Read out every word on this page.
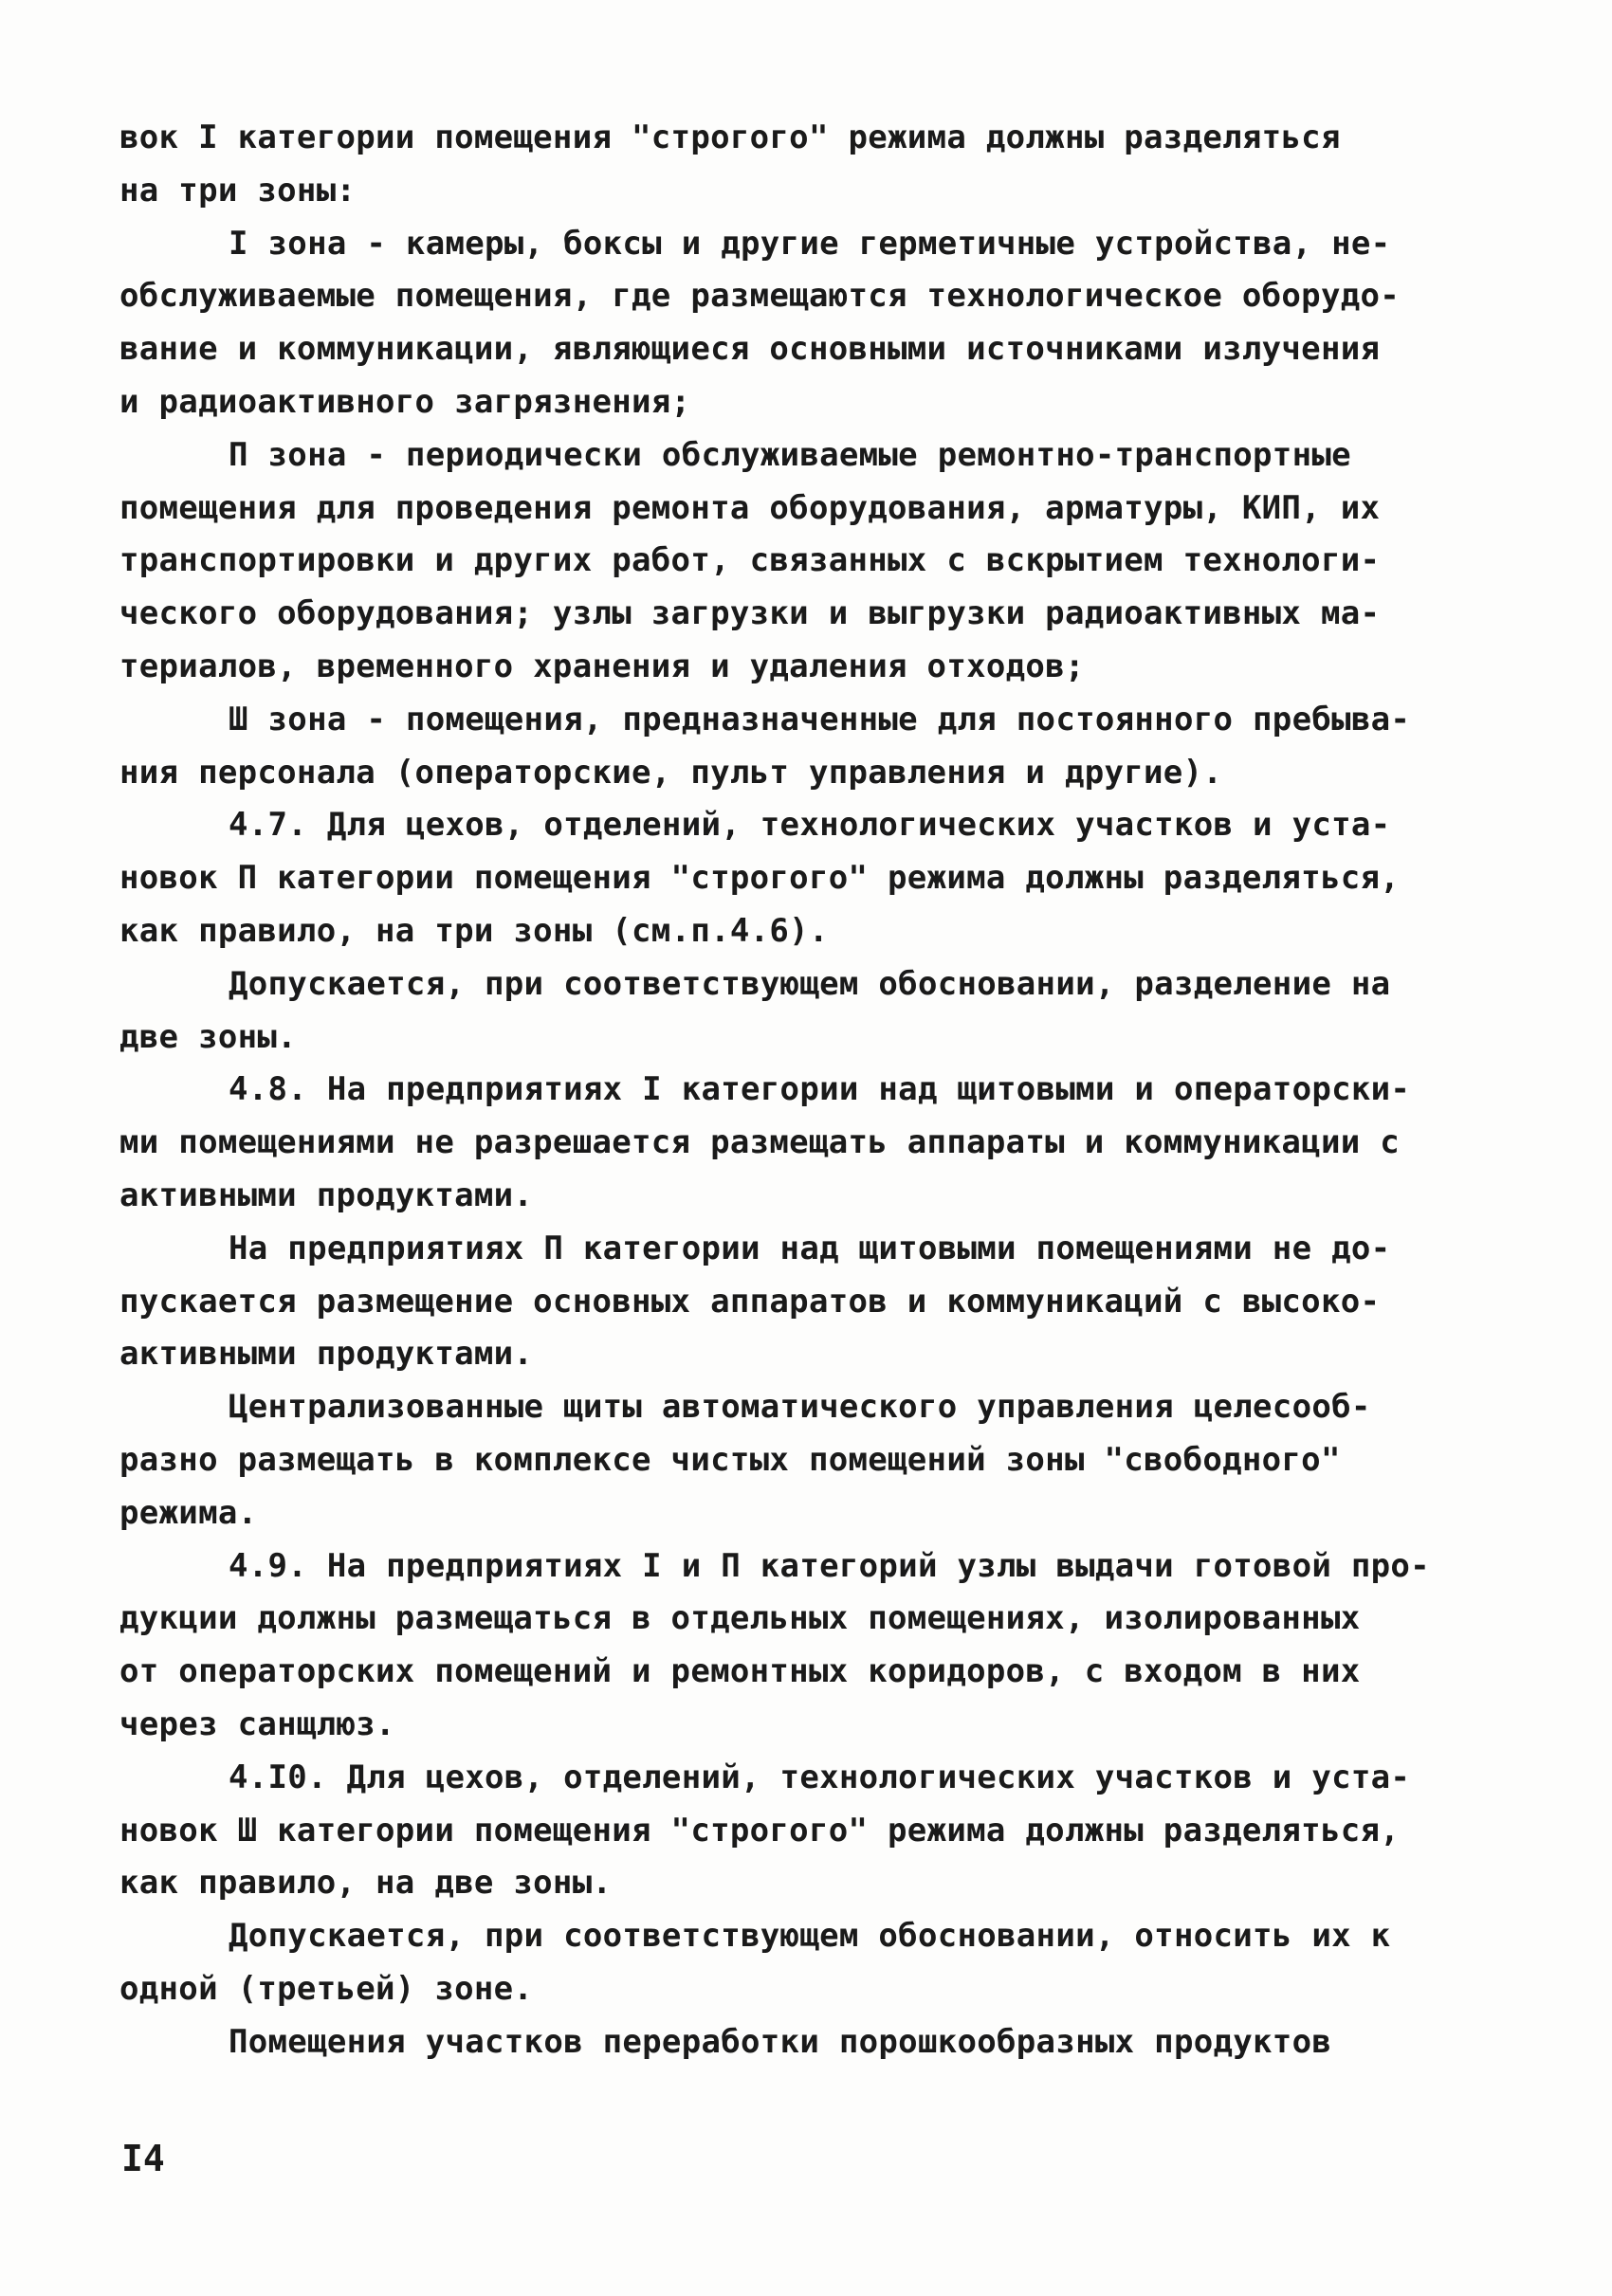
вок I категории помещения "строгого" режима должны разделяться
на три зоны:
I зона - камеры, боксы и другие герметичные устройства, не-
обслуживаемые помещения, где размещаются технологическое оборудо-
вание и коммуникации, являющиеся основными источниками излучения
и радиоактивного загрязнения;
П зона - периодически обслуживаемые ремонтно-транспортные
помещения для проведения ремонта оборудования, арматуры, КИП, их
транспортировки и других работ, связанных с вскрытием технологи-
ческого оборудования; узлы загрузки и выгрузки радиоактивных ма-
териалов, временного хранения и удаления отходов;
Ш зона - помещения, предназначенные для постоянного пребыва-
ния персонала (операторские, пульт управления и другие).
4.7. Для цехов, отделений, технологических участков и уста-
новок П категории помещения "строгого" режима должны разделяться,
как правило, на три зоны (см.п.4.6).
Допускается, при соответствующем обосновании, разделение на
две зоны.
4.8. На предприятиях I категории над щитовыми и операторски-
ми помещениями не разрешается размещать аппараты и коммуникации с
активными продуктами.
На предприятиях П категории над щитовыми помещениями не до-
пускается размещение основных аппаратов и коммуникаций с высоко-
активными продуктами.
Централизованные щиты автоматического управления целесооб-
разно размещать в комплексе чистых помещений зоны "свободного"
режима.
4.9. На предприятиях I и П категорий узлы выдачи готовой про-
дукции должны размещаться в отдельных помещениях, изолированных
от операторских помещений и ремонтных коридоров, с входом в них
через санщлюз.
4.I0. Для цехов, отделений, технологических участков и уста-
новок Ш категории помещения "строгого" режима должны разделяться,
как правило, на две зоны.
Допускается, при соответствующем обосновании, относить их к
одной (третьей) зоне.
Помещения участков переработки порошкообразных продуктов
I4
